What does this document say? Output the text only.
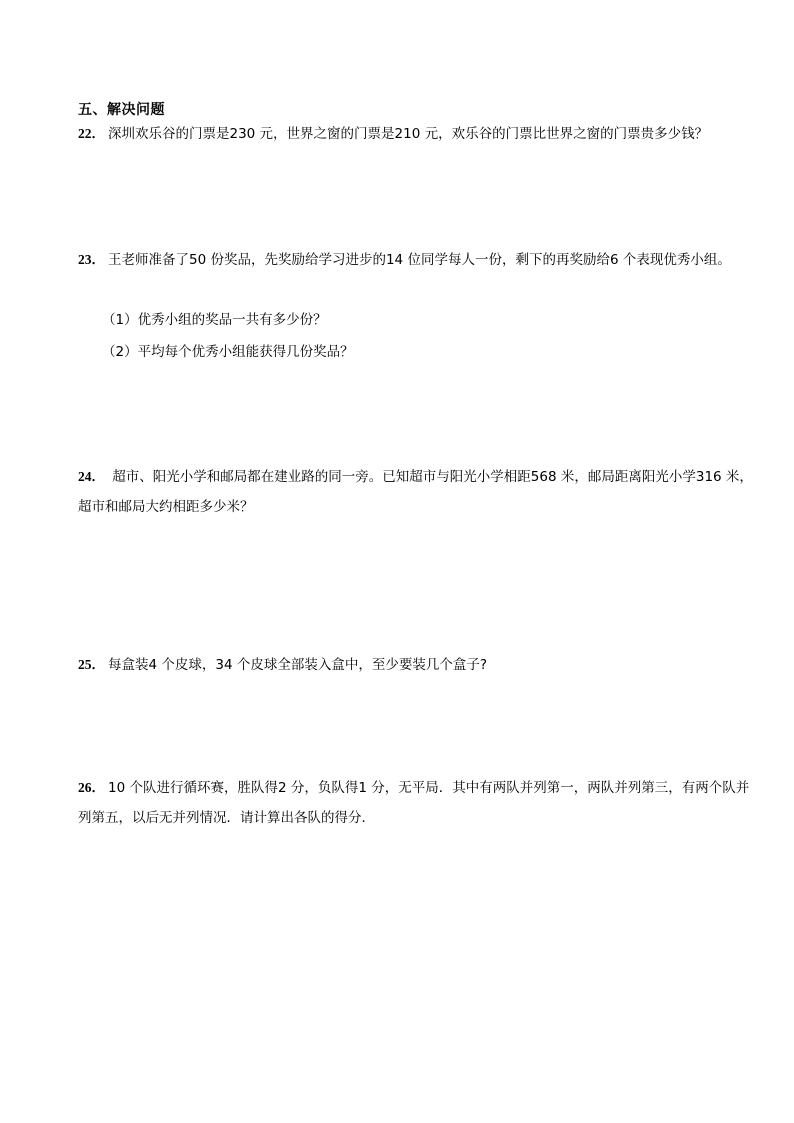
五、解决问题
22． 深圳欢乐谷的门票是230 元，世界之窗的门票是210 元，欢乐谷的门票比世界之窗的门票贵多少钱？
23． 王老师准备了50 份奖品，先奖励给学习进步的14 位同学每人一份，剩下的再奖励给6 个表现优秀小组。
（1）优秀小组的奖品一共有多少份？
（2）平均每个优秀小组能获得几份奖品？
24． 超市、阳光小学和邮局都在建业路的同一旁。已知超市与阳光小学相距568 米，邮局距离阳光小学316 米，超市和邮局大约相距多少米？
25． 每盒装4 个皮球，34 个皮球全部装入盒中，至少要装几个盒子?
26． 10 个队进行循环赛，胜队得2 分，负队得1 分，无平局．其中有两队并列第一，两队并列第三，有两个队并列第五，以后无并列情况．请计算出各队的得分．
